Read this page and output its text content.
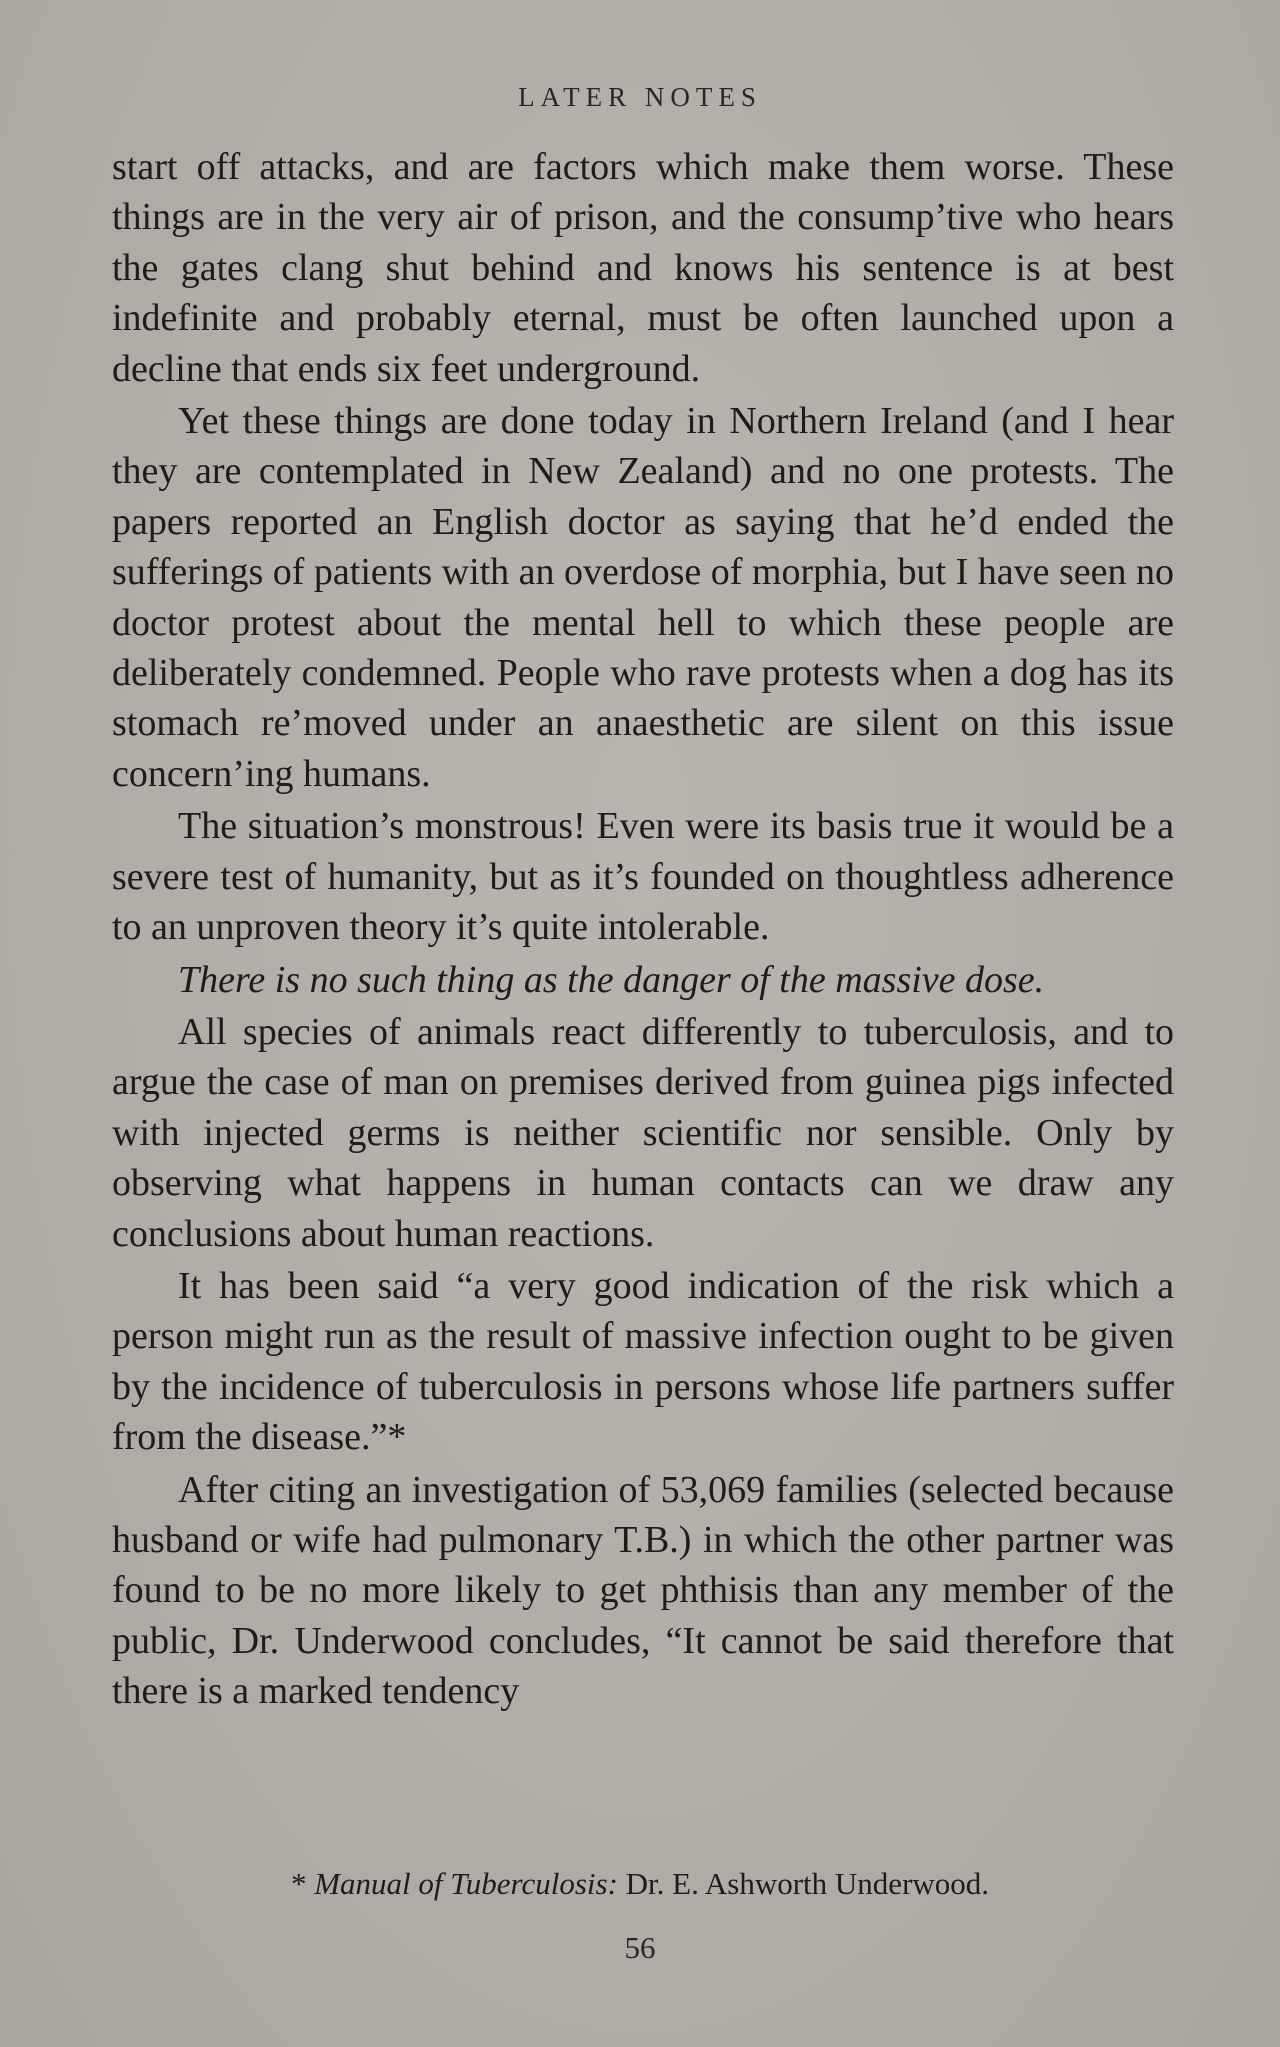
LATER NOTES

start off attacks, and are factors which make them worse. These things are in the very air of prison, and the consump’tive who hears the gates clang shut behind and knows his sentence is at best indefinite and probably eternal, must be often launched upon a decline that ends six feet underground.

Yet these things are done today in Northern Ireland (and I hear they are contemplated in New Zealand) and no one protests. The papers reported an English doctor as saying that he’d ended the sufferings of patients with an overdose of morphia, but I have seen no doctor protest about the mental hell to which these people are deliberately condemned. People who rave protests when a dog has its stomach re’moved under an anaesthetic are silent on this issue concern’ing humans.

The situation’s monstrous! Even were its basis true it would be a severe test of humanity, but as it’s founded on thoughtless adherence to an unproven theory it’s quite intolerable.

There is no such thing as the danger of the massive dose.

All species of animals react differently to tuberculosis, and to argue the case of man on premises derived from guinea pigs infected with injected germs is neither scientific nor sensible. Only by observing what happens in human contacts can we draw any conclusions about human reactions.

It has been said “a very good indication of the risk which a person might run as the result of massive infection ought to be given by the incidence of tuberculosis in persons whose life partners suffer from the disease.”*

After citing an investigation of 53,069 families (selected because husband or wife had pulmonary T.B.) in which the other partner was found to be no more likely to get phthisis than any member of the public, Dr. Underwood concludes, “It cannot be said therefore that there is a marked tendency

* Manual of Tuberculosis: Dr. E. Ashworth Underwood.
56
